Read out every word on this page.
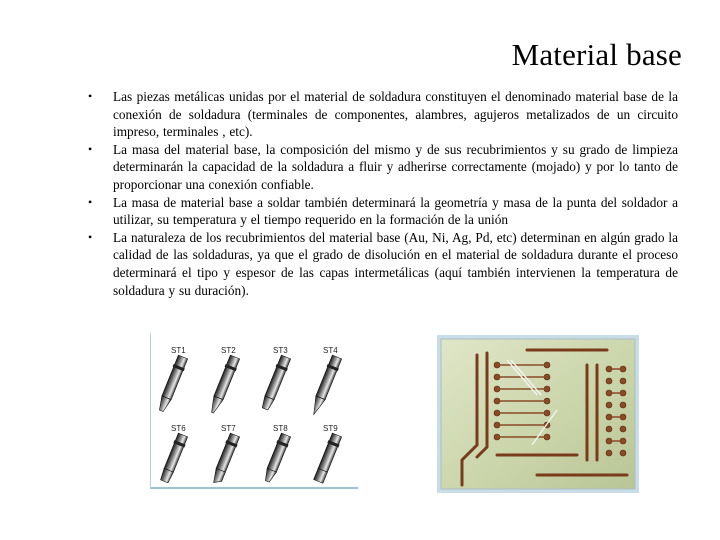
Material base
• Las piezas metálicas unidas por el material de soldadura constituyen el denominado material base de la conexión de soldadura (terminales de componentes, alambres, agujeros metalizados de un circuito impreso, terminales , etc).
• La masa del material base, la composición del mismo y de sus recubrimientos y su grado de limpieza determinarán la capacidad de la soldadura a fluir y adherirse correctamente (mojado) y por lo tanto de proporcionar una conexión confiable.
• La masa de material base a soldar también determinará la geometría y masa de la punta del soldador a utilizar, su temperatura y el tiempo requerido en la formación de la unión
• La naturaleza de los recubrimientos del material base (Au, Ni, Ag, Pd, etc) determinan en algún grado la calidad de las soldaduras, ya que el grado de disolución en el material de soldadura durante el proceso determinará el tipo y espesor de las capas intermetálicas (aquí también intervienen la temperatura de soldadura y su duración).
ST1	ST2	ST3	ST4
ST6	ST7	ST8	ST9
